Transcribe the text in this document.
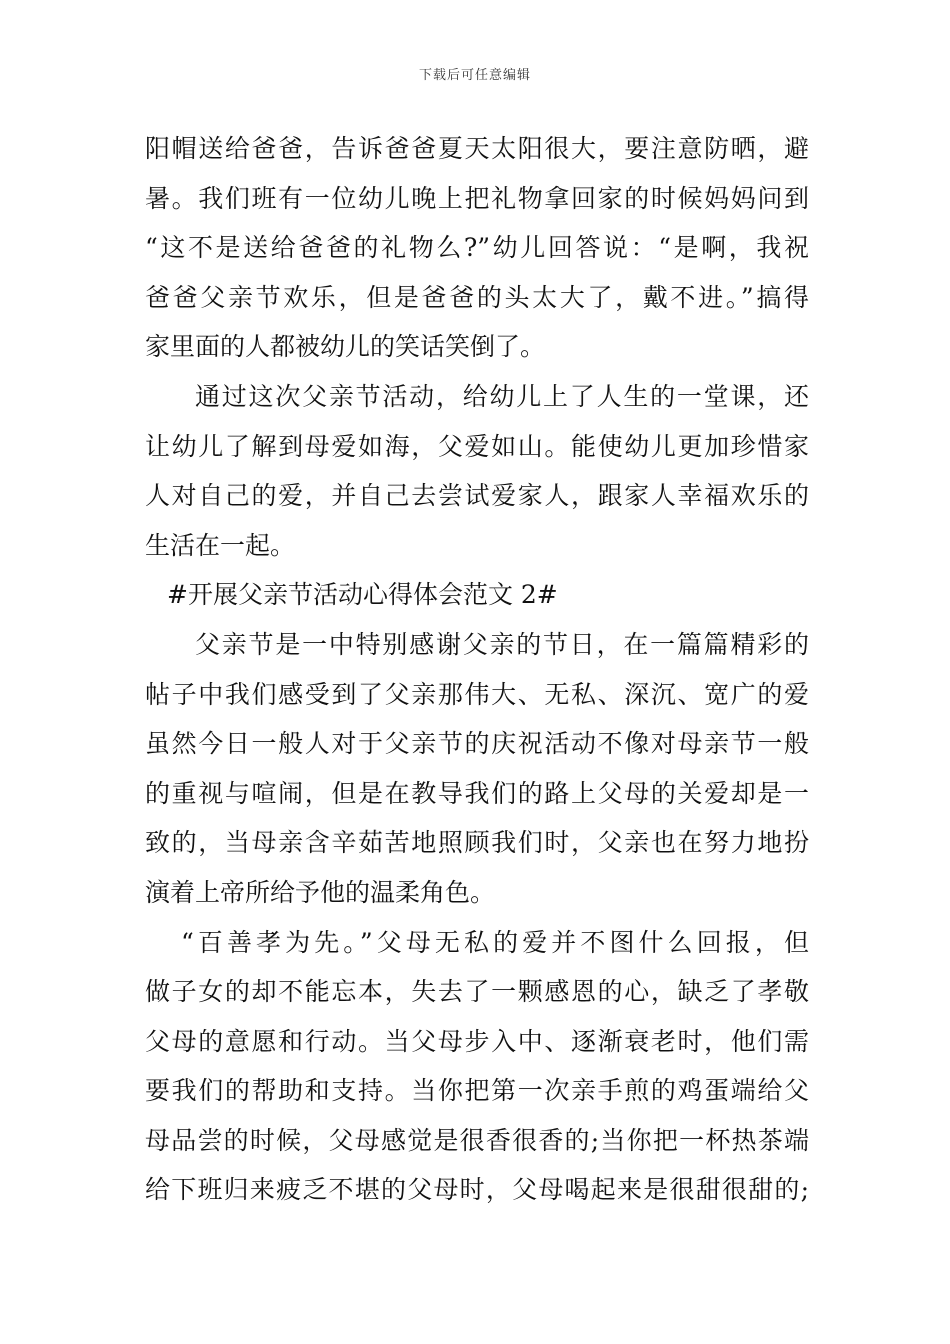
下载后可任意编辑
阳帽送给爸爸，告诉爸爸夏天太阳很大，要注意防晒，避
暑。我们班有一位幼儿晚上把礼物拿回家的时候妈妈问到
“这不是送给爸爸的礼物么?”幼儿回答说：“是啊，我祝
爸爸父亲节欢乐，但是爸爸的头太大了，戴不进。”搞得
家里面的人都被幼儿的笑话笑倒了。
通过这次父亲节活动，给幼儿上了人生的一堂课，还
让幼儿了解到母爱如海，父爱如山。能使幼儿更加珍惜家
人对自己的爱，并自己去尝试爱家人，跟家人幸福欢乐的
生活在一起。
#开展父亲节活动心得体会范文 2#
父亲节是一中特别感谢父亲的节日，在一篇篇精彩的
帖子中我们感受到了父亲那伟大、无私、深沉、宽广的爱
虽然今日一般人对于父亲节的庆祝活动不像对母亲节一般
的重视与喧闹，但是在教导我们的路上父母的关爱却是一
致的，当母亲含辛茹苦地照顾我们时，父亲也在努力地扮
演着上帝所给予他的温柔角色。
“百善孝为先。”父母无私的爱并不图什么回报，但
做子女的却不能忘本，失去了一颗感恩的心，缺乏了孝敬
父母的意愿和行动。当父母步入中、逐渐衰老时，他们需
要我们的帮助和支持。当你把第一次亲手煎的鸡蛋端给父
母品尝的时候，父母感觉是很香很香的;当你把一杯热茶端
给下班归来疲乏不堪的父母时，父母喝起来是很甜很甜的;
